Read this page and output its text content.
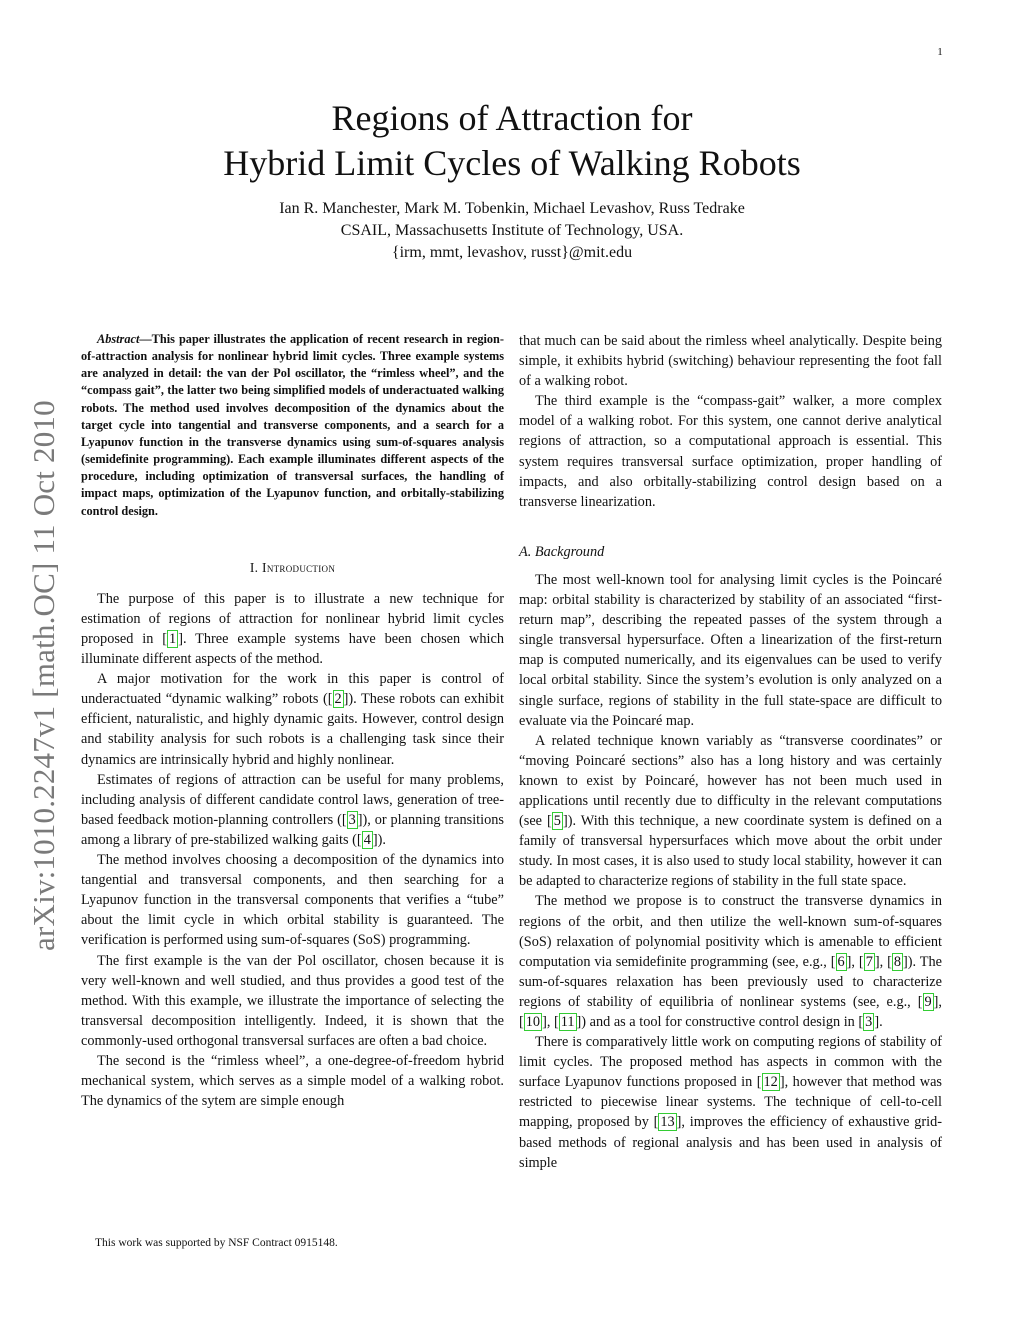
1
arXiv:1010.2247v1 [math.OC] 11 Oct 2010
Regions of Attraction for
Hybrid Limit Cycles of Walking Robots
Ian R. Manchester, Mark M. Tobenkin, Michael Levashov, Russ Tedrake
CSAIL, Massachusetts Institute of Technology, USA.
{irm, mmt, levashov, russt}@mit.edu

Abstract—This paper illustrates the application of recent research in region-of-attraction analysis for nonlinear hybrid limit cycles. Three example systems are analyzed in detail: the van der Pol oscillator, the “rimless wheel”, and the “compass gait”, the latter two being simplified models of underactuated walking robots. The method used involves decomposition of the dynamics about the target cycle into tangential and transverse components, and a search for a Lyapunov function in the transverse dynamics using sum-of-squares analysis (semidefinite programming). Each example illuminates different aspects of the procedure, including optimization of transversal surfaces, the handling of impact maps, optimization of the Lyapunov function, and orbitally-stabilizing control design.

I. Introduction

The purpose of this paper is to illustrate a new technique for estimation of regions of attraction for nonlinear hybrid limit cycles proposed in [ 1 ]. Three example systems have been chosen which illuminate different aspects of the method.

A major motivation for the work in this paper is control of underactuated “dynamic walking” robots ([ 2 ]). These robots can exhibit efficient, naturalistic, and highly dynamic gaits. However, control design and stability analysis for such robots is a challenging task since their dynamics are intrinsically hybrid and highly nonlinear.

Estimates of regions of attraction can be useful for many problems, including analysis of different candidate control laws, generation of tree-based feedback motion-planning controllers ([ 3 ]), or planning transitions among a library of pre-stabilized walking gaits ([ 4 ]).

The method involves choosing a decomposition of the dynamics into tangential and transversal components, and then searching for a Lyapunov function in the transversal components that verifies a “tube” about the limit cycle in which orbital stability is guaranteed. The verification is performed using sum-of-squares (SoS) programming.

The first example is the van der Pol oscillator, chosen because it is very well-known and well studied, and thus provides a good test of the method. With this example, we illustrate the importance of selecting the transversal decomposition intelligently. Indeed, it is shown that the commonly-used orthogonal transversal surfaces are often a bad choice.

The second is the “rimless wheel”, a one-degree-of-freedom hybrid mechanical system, which serves as a simple model of a walking robot. The dynamics of the sytem are simple enough

that much can be said about the rimless wheel analytically. Despite being simple, it exhibits hybrid (switching) behaviour representing the foot fall of a walking robot.

The third example is the “compass-gait” walker, a more complex model of a walking robot. For this system, one cannot derive analytical regions of attraction, so a computational approach is essential. This system requires transversal surface optimization, proper handling of impacts, and also orbitally-stabilizing control design based on a transverse linearization.

A. Background

The most well-known tool for analysing limit cycles is the Poincaré map: orbital stability is characterized by stability of an associated “first-return map”, describing the repeated passes of the system through a single transversal hypersurface. Often a linearization of the first-return map is computed numerically, and its eigenvalues can be used to verify local orbital stability. Since the system’s evolution is only analyzed on a single surface, regions of stability in the full state-space are difficult to evaluate via the Poincaré map.

A related technique known variably as “transverse coordinates” or “moving Poincaré sections” also has a long history and was certainly known to exist by Poincaré, however has not been much used in applications until recently due to difficulty in the relevant computations (see [ 5 ]). With this technique, a new coordinate system is defined on a family of transversal hypersurfaces which move about the orbit under study. In most cases, it is also used to study local stability, however it can be adapted to characterize regions of stability in the full state space.

The method we propose is to construct the transverse dynamics in regions of the orbit, and then utilize the well-known sum-of-squares (SoS) relaxation of polynomial positivity which is amenable to efficient computation via semidefinite programming (see, e.g., [ 6 ], [ 7 ], [ 8 ]). The sum-of-squares relaxation has been previously used to characterize regions of stability of equilibria of nonlinear systems (see, e.g., [ 9 ], [ 10 ], [ 11 ]) and as a tool for constructive control design in [ 3 ].

There is comparatively little work on computing regions of stability of limit cycles. The proposed method has aspects in common with the surface Lyapunov functions proposed in [ 12 ], however that method was restricted to piecewise linear systems. The technique of cell-to-cell mapping, proposed by [ 13 ], improves the efficiency of exhaustive grid-based methods of regional analysis and has been used in analysis of simple

This work was supported by NSF Contract 0915148.
